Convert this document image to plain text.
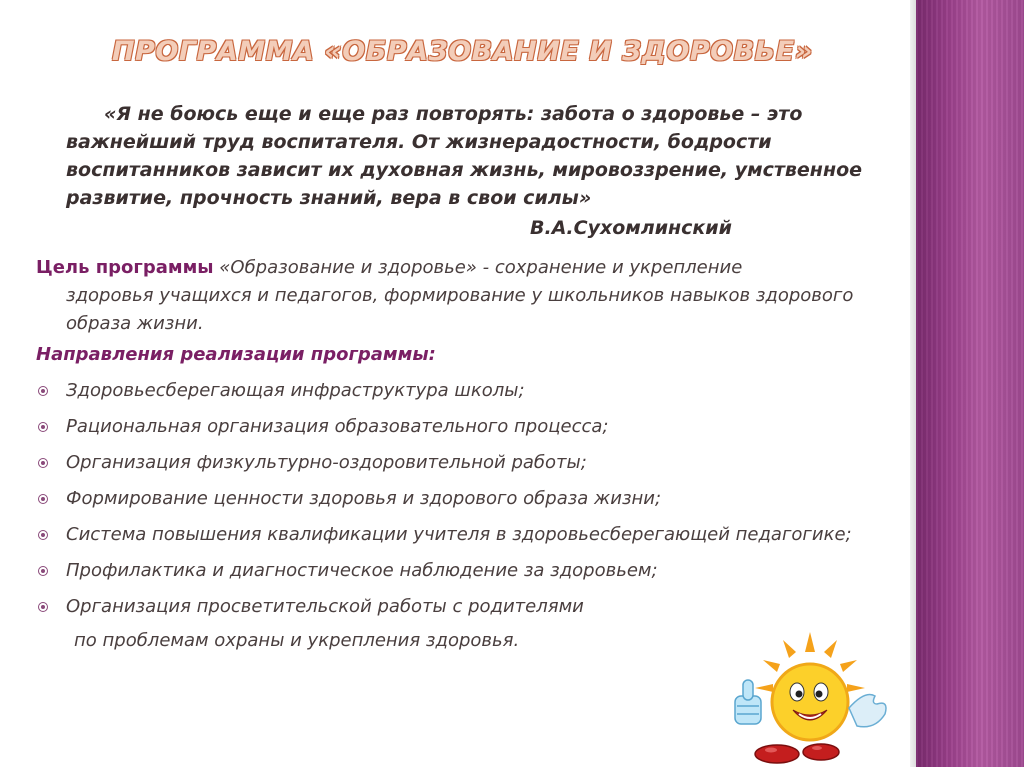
ПРОГРАММА «ОБРАЗОВАНИЕ И ЗДОРОВЬЕ»
«Я не боюсь еще и еще раз повторять: забота о здоровье – это важнейший труд воспитателя. От жизнерадостности, бодрости воспитанников зависит их духовная жизнь, мировоззрение, умственное развитие, прочность знаний, вера в свои силы»
В.А.Сухомлинский
Цель программы «Образование и здоровье» - сохранение и укрепление
здоровья учащихся и педагогов, формирование у школьников навыков здорового образа жизни.
Направления реализации программы:
Здоровьесберегающая инфраструктура школы;
Рациональная организация образовательного процесса;
Организация физкультурно-оздоровительной работы;
Формирование ценности здоровья и здорового образа жизни;
Система повышения квалификации учителя в здоровьесберегающей педагогике;
Профилактика и диагностическое наблюдение за здоровьем;
Организация просветительской работы с родителями
по проблемам охраны и укрепления здоровья.
